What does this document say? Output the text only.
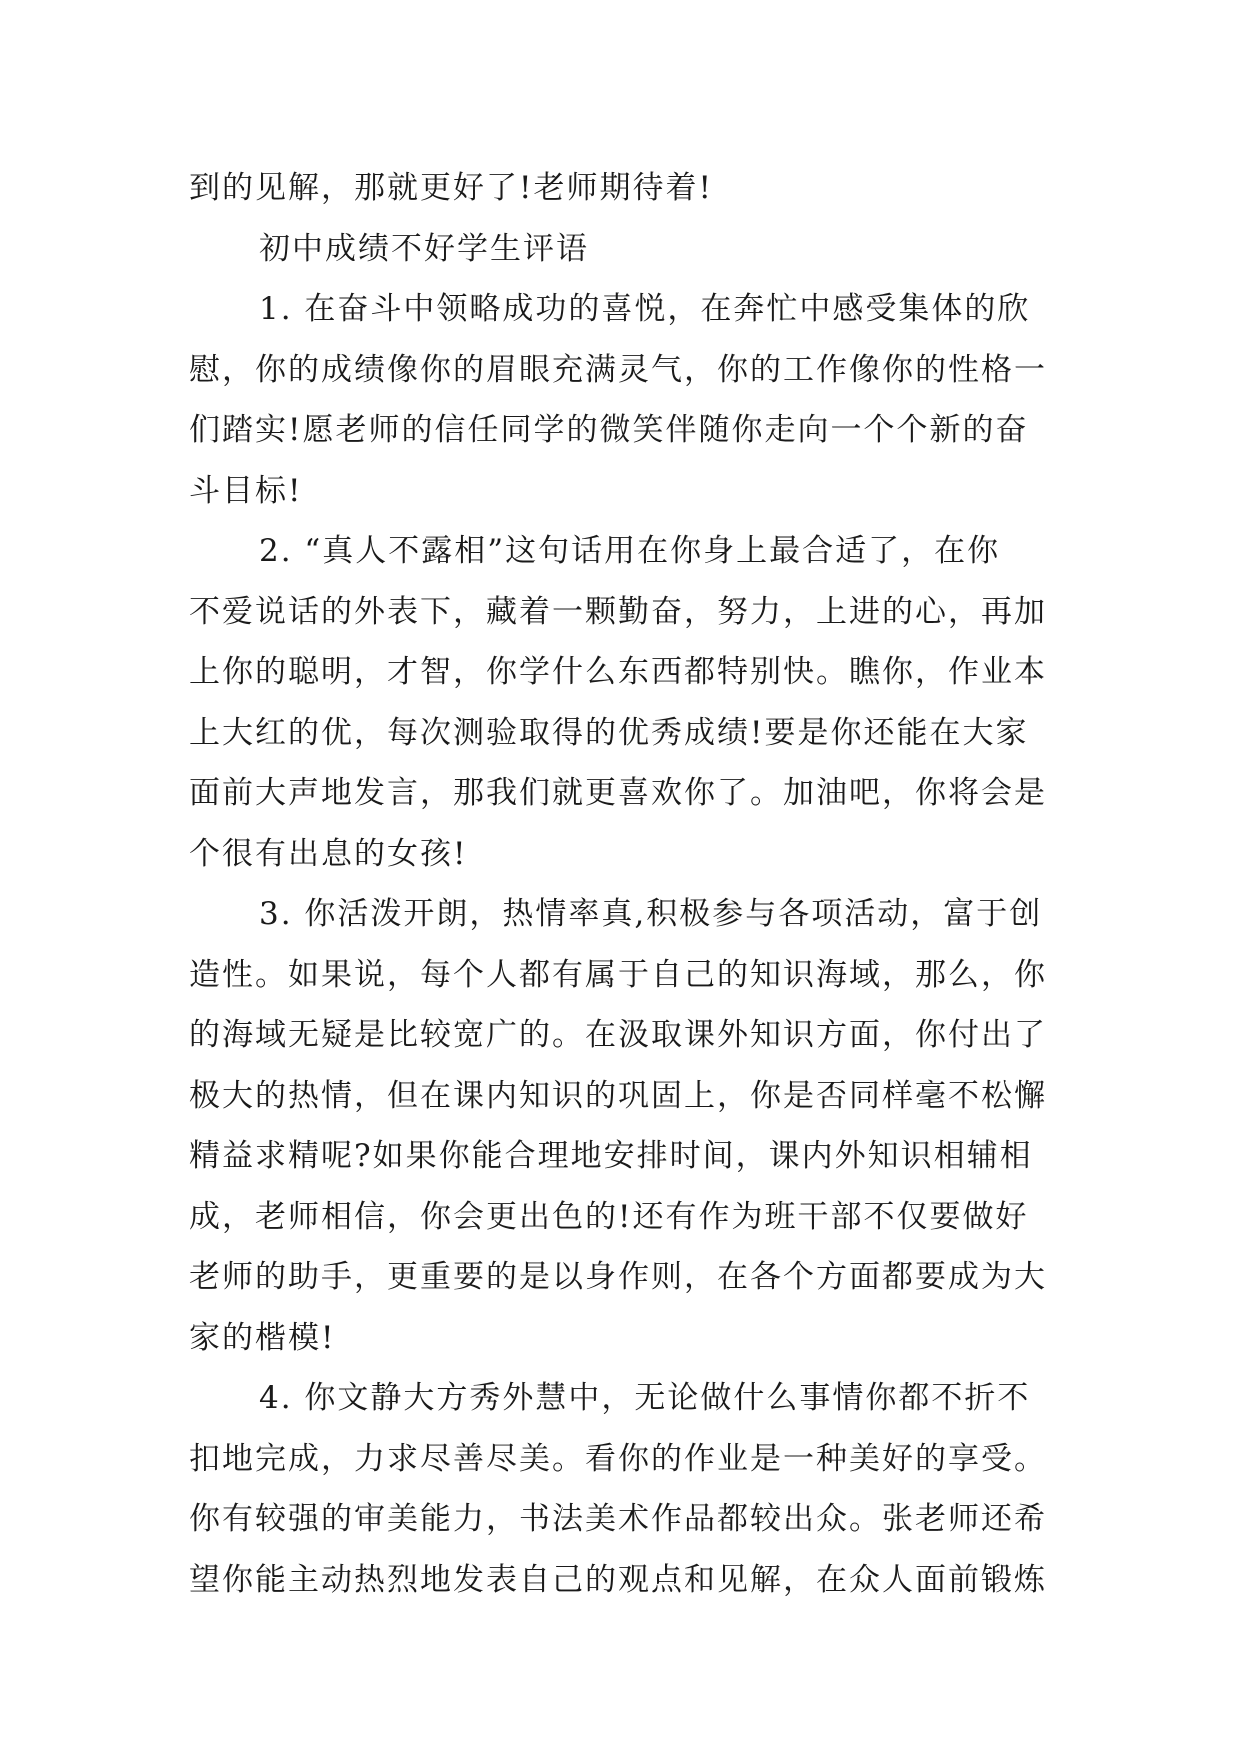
到的见解，那就更好了!老师期待着!
初中成绩不好学生评语
1. 在奋斗中领略成功的喜悦，在奔忙中感受集体的欣
慰，你的成绩像你的眉眼充满灵气，你的工作像你的性格一
们踏实!愿老师的信任同学的微笑伴随你走向一个个新的奋
斗目标!
2. “真人不露相”这句话用在你身上最合适了，在你
不爱说话的外表下，藏着一颗勤奋，努力，上进的心，再加
上你的聪明，才智，你学什么东西都特别快。瞧你，作业本
上大红的优，每次测验取得的优秀成绩!要是你还能在大家
面前大声地发言，那我们就更喜欢你了。加油吧，你将会是
个很有出息的女孩!
3. 你活泼开朗，热情率真,积极参与各项活动，富于创
造性。如果说，每个人都有属于自己的知识海域，那么，你
的海域无疑是比较宽广的。在汲取课外知识方面，你付出了
极大的热情，但在课内知识的巩固上，你是否同样毫不松懈
精益求精呢?如果你能合理地安排时间，课内外知识相辅相
成，老师相信，你会更出色的!还有作为班干部不仅要做好
老师的助手，更重要的是以身作则，在各个方面都要成为大
家的楷模!
4. 你文静大方秀外慧中，无论做什么事情你都不折不
扣地完成，力求尽善尽美。看你的作业是一种美好的享受。
你有较强的审美能力，书法美术作品都较出众。张老师还希
望你能主动热烈地发表自己的观点和见解，在众人面前锻炼
